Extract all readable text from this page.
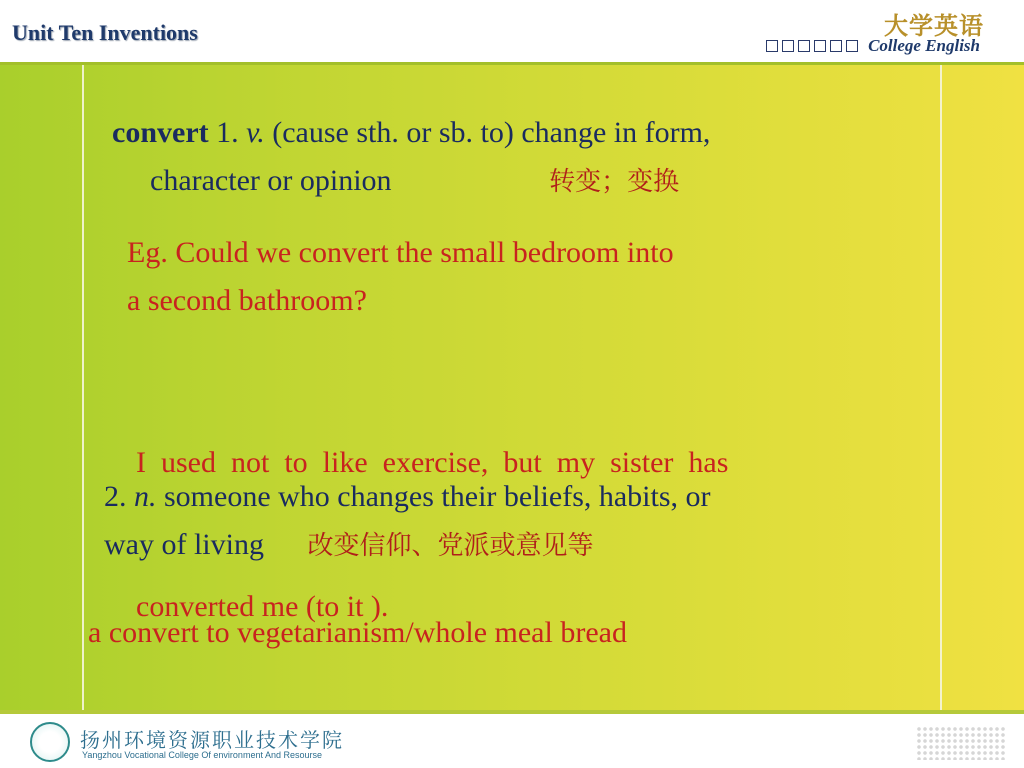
Unit Ten Inventions	大学英语
College English
convert 1. v. (cause sth. or sb. to) change in form,
character or opinion	转变；变换
Eg. Could we convert the small bedroom into
a second bathroom?

I  used  not  to  like  exercise,  but  my  sister  has

converted me (to it ).

2. n. someone who changes their beliefs, habits, or
way of living 改变信仰、党派或意见等
a convert to vegetarianism/whole meal bread
扬州环境资源职业技术学院
Yangzhou Vocational College Of environment And Resourse
